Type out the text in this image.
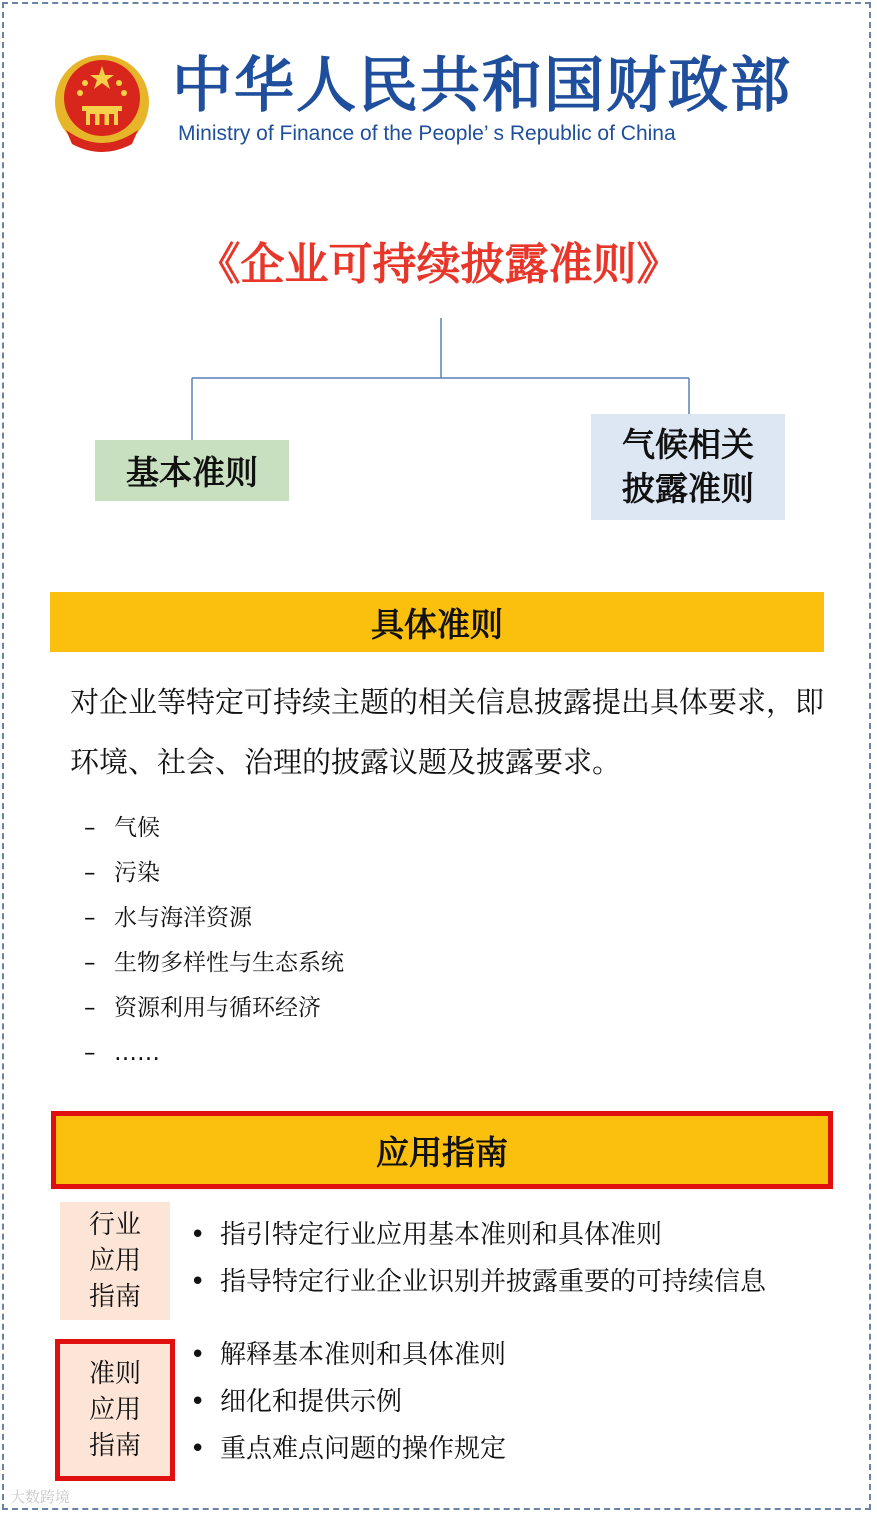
中华人民共和国财政部
Ministry of Finance of the People’ s Republic of China
《企业可持续披露准则》
基本准则
气候相关
披露准则
具体准则
对企业等特定可持续主题的相关信息披露提出具体要求，即环境、社会、治理的披露议题及披露要求。
– 气候
– 污染
– 水与海洋资源
– 生物多样性与生态系统
– 资源利用与循环经济
– ……
应用指南
行业
应用
指南
• 指引特定行业应用基本准则和具体准则
• 指导特定行业企业识别并披露重要的可持续信息
准则
应用
指南
• 解释基本准则和具体准则
• 细化和提供示例
• 重点难点问题的操作规定
大数跨境
